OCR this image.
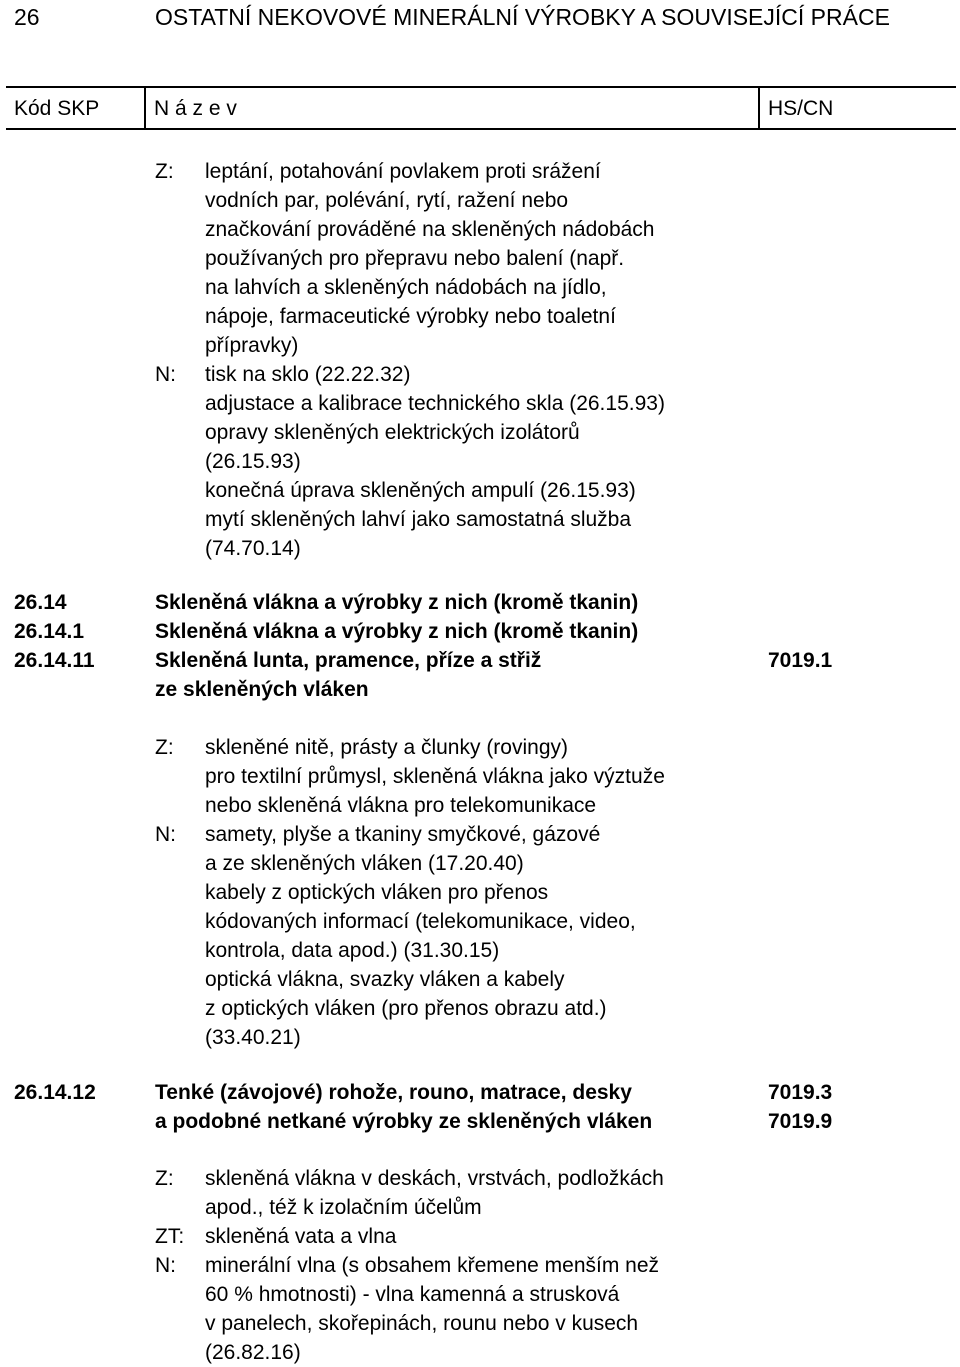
26	OSTATNÍ NEKOVOVÉ MINERÁLNÍ VÝROBKY A SOUVISEJÍCÍ PRÁCE
Kód SKP	N á z e v	HS/CN
Z: leptání, potahování povlakem proti srážení
vodních par, polévání, rytí, ražení nebo
značkování prováděné na skleněných nádobách
používaných pro přepravu nebo balení (např.
na lahvích a skleněných nádobách na jídlo,
nápoje, farmaceutické výrobky nebo toaletní
přípravky)
N: tisk na sklo (22.22.32)
adjustace a kalibrace technického skla (26.15.93)
opravy skleněných elektrických izolátorů
(26.15.93)
konečná úprava skleněných ampulí (26.15.93)
mytí skleněných lahví jako samostatná služba
(74.70.14)
26.14	Skleněná vlákna a výrobky z nich (kromě tkanin)
26.14.1	Skleněná vlákna a výrobky z nich (kromě tkanin)
26.14.11	Skleněná lunta, pramence, příze a střiž	7019.1
ze skleněných vláken
Z: skleněné nitě, prásty a člunky (rovingy)
pro textilní průmysl, skleněná vlákna jako výztuže
nebo skleněná vlákna pro telekomunikace
N: samety, plyše a tkaniny smyčkové, gázové
a ze skleněných vláken (17.20.40)
kabely z optických vláken pro přenos
kódovaných informací (telekomunikace, video,
kontrola, data apod.) (31.30.15)
optická vlákna, svazky vláken a kabely
z optických vláken (pro přenos obrazu atd.)
(33.40.21)
26.14.12	Tenké (závojové) rohože, rouno, matrace, desky	7019.3
a podobné netkané výrobky ze skleněných vláken	7019.9
Z: skleněná vlákna v deskách, vrstvách, podložkách
apod., též k izolačním účelům
ZT: skleněná vata a vlna
N: minerální vlna (s obsahem křemene menším než
60 % hmotnosti) - vlna kamenná a strusková
v panelech, skořepinách, rounu nebo v kusech
(26.82.16)
